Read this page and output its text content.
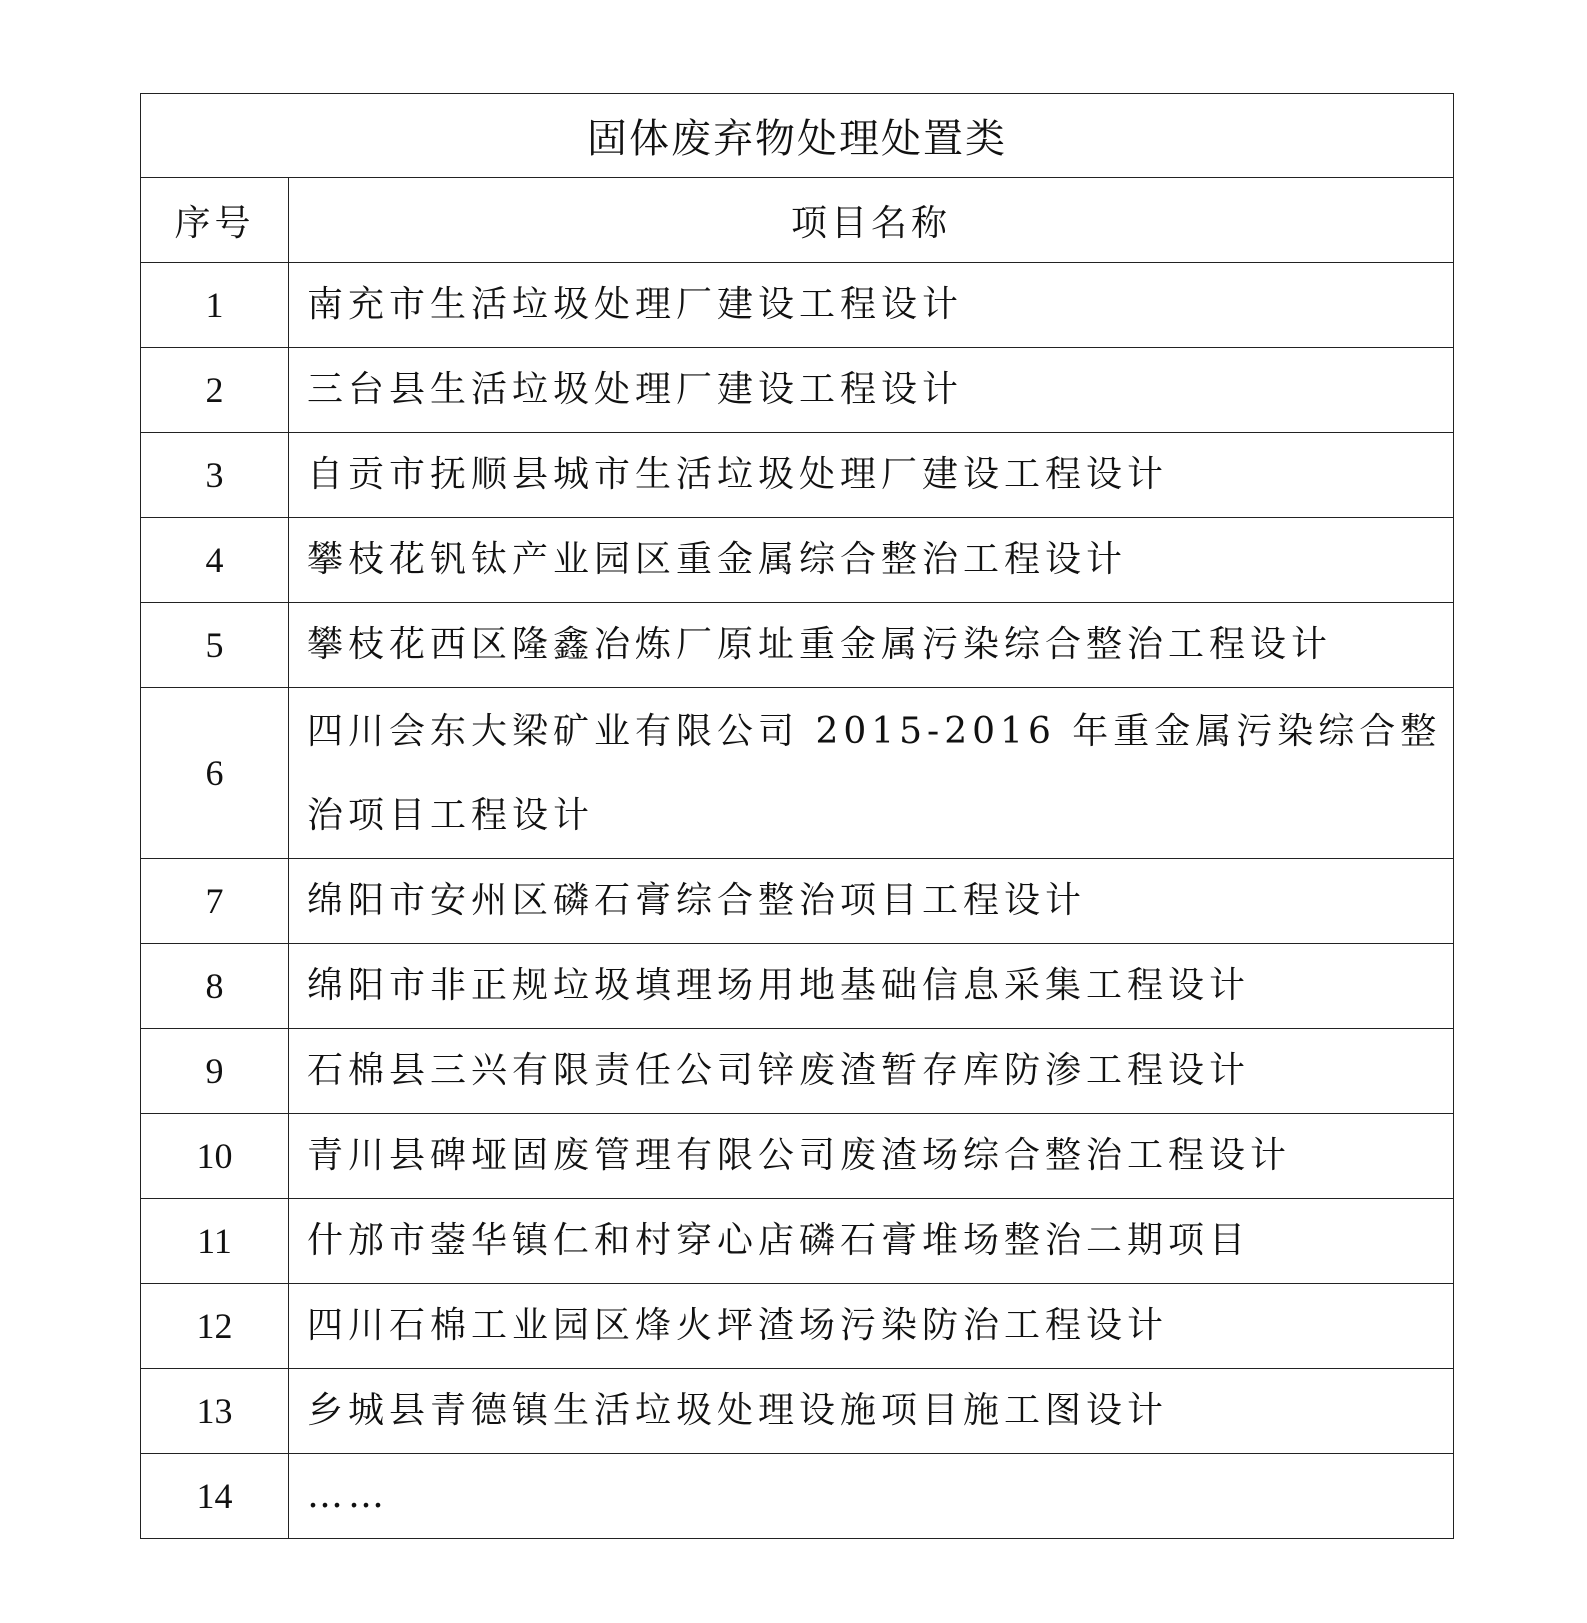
固体废弃物处理处置类	
序号	项目名称
1	南充市生活垃圾处理厂建设工程设计
2	三台县生活垃圾处理厂建设工程设计
3	自贡市抚顺县城市生活垃圾处理厂建设工程设计
4	攀枝花钒钛产业园区重金属综合整治工程设计
5	攀枝花西区隆鑫冶炼厂原址重金属污染综合整治工程设计
6	四川会东大梁矿业有限公司 2015-2016 年重金属污染综合整治项目工程设计
7	绵阳市安州区磷石膏综合整治项目工程设计
8	绵阳市非正规垃圾填理场用地基础信息采集工程设计
9	石棉县三兴有限责任公司锌废渣暂存库防渗工程设计
10	青川县碑垭固废管理有限公司废渣场综合整治工程设计
11	什邡市蓥华镇仁和村穿心店磷石膏堆场整治二期项目
12	四川石棉工业园区烽火坪渣场污染防治工程设计
13	乡城县青德镇生活垃圾处理设施项目施工图设计
14	……
